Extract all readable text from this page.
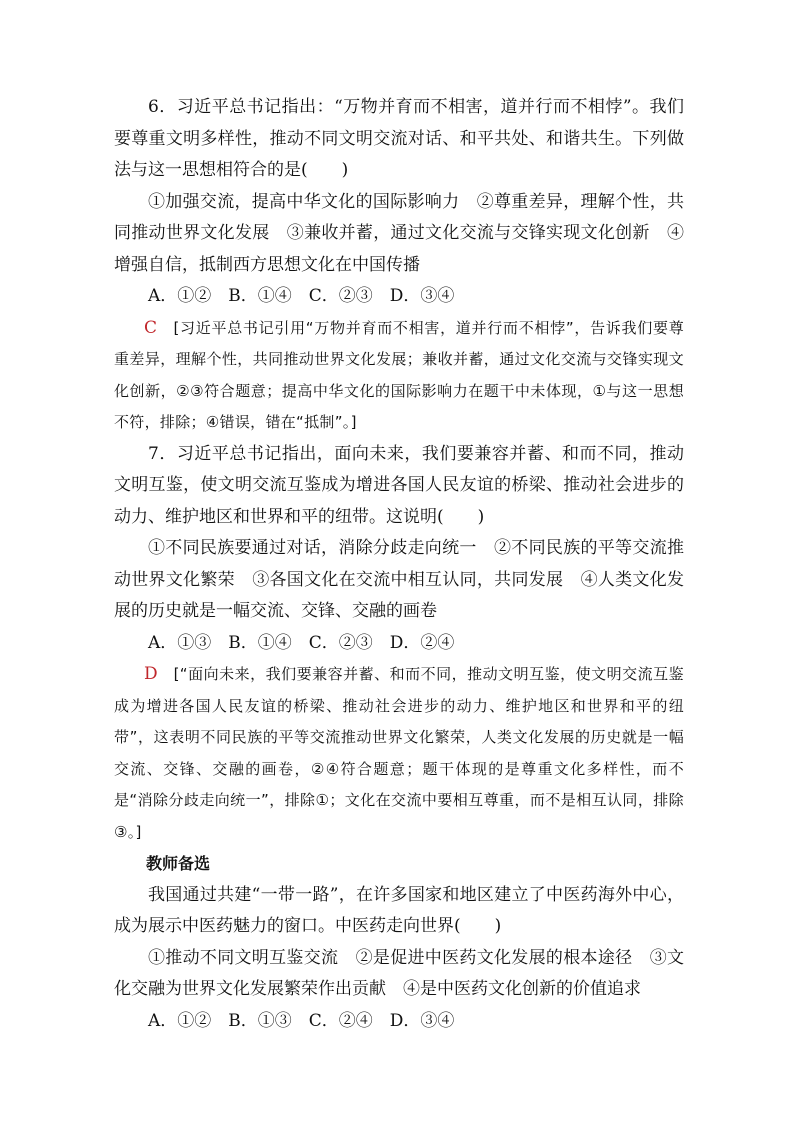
6．习近平总书记指出：“万物并育而不相害，道并行而不相悖”。我们要尊重文明多样性，推动不同文明交流对话、和平共处、和谐共生。下列做法与这一思想相符合的是(　　)

①加强交流，提高中华文化的国际影响力　②尊重差异，理解个性，共同推动世界文化发展　③兼收并蓄，通过文化交流与交锋实现文化创新　④增强自信，抵制西方思想文化在中国传播

A．①②　B．①④　C．②③　D．③④

C　[习近平总书记引用“万物并育而不相害，道并行而不相悖”，告诉我们要尊重差异，理解个性，共同推动世界文化发展；兼收并蓄，通过文化交流与交锋实现文化创新，②③符合题意；提高中华文化的国际影响力在题干中未体现，①与这一思想不符，排除；④错误，错在“抵制”。]

7．习近平总书记指出，面向未来，我们要兼容并蓄、和而不同，推动文明互鉴，使文明交流互鉴成为增进各国人民友谊的桥梁、推动社会进步的动力、维护地区和世界和平的纽带。这说明(　　)

①不同民族要通过对话，消除分歧走向统一　②不同民族的平等交流推动世界文化繁荣　③各国文化在交流中相互认同，共同发展　④人类文化发展的历史就是一幅交流、交锋、交融的画卷

A．①③　B．①④　C．②③　D．②④

D　[“面向未来，我们要兼容并蓄、和而不同，推动文明互鉴，使文明交流互鉴成为增进各国人民友谊的桥梁、推动社会进步的动力、维护地区和世界和平的纽带”，这表明不同民族的平等交流推动世界文化繁荣，人类文化发展的历史就是一幅交流、交锋、交融的画卷，②④符合题意；题干体现的是尊重文化多样性，而不是“消除分歧走向统一”，排除①；文化在交流中要相互尊重，而不是相互认同，排除③。]

教师备选

我国通过共建“一带一路”，在许多国家和地区建立了中医药海外中心，成为展示中医药魅力的窗口。中医药走向世界(　　)

①推动不同文明互鉴交流　②是促进中医药文化发展的根本途径　③文化交融为世界文化发展繁荣作出贡献　④是中医药文化创新的价值追求

A．①②　B．①③　C．②④　D．③④
